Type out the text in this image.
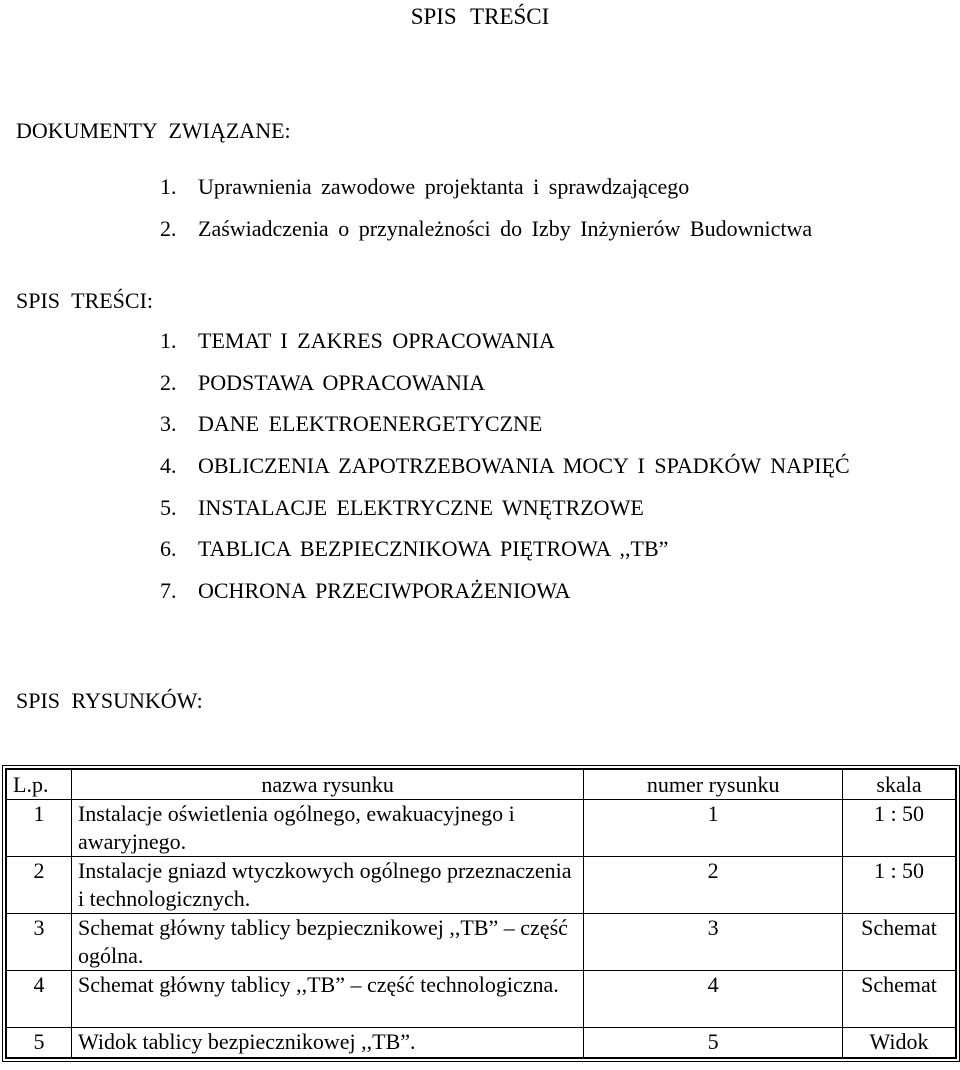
SPIS TREŚCI
DOKUMENTY ZWIĄZANE:
1. Uprawnienia zawodowe projektanta i sprawdzającego
2. Zaświadczenia o przynależności do Izby Inżynierów Budownictwa
SPIS TREŚCI:
1. TEMAT I ZAKRES OPRACOWANIA
2. PODSTAWA OPRACOWANIA
3. DANE ELEKTROENERGETYCZNE
4. OBLICZENIA ZAPOTRZEBOWANIA MOCY I SPADKÓW NAPIĘĆ
5. INSTALACJE ELEKTRYCZNE WNĘTRZOWE
6. TABLICA BEZPIECZNIKOWA PIĘTROWA ,,TB”
7. OCHRONA PRZECIWPORAŻENIOWA
SPIS RYSUNKÓW:
L.p.	nazwa rysunku	numer rysunku	skala
1	Instalacje oświetlenia ogólnego, ewakuacyjnego i awaryjnego.	1	1 : 50
2	Instalacje gniazd wtyczkowych ogólnego przeznaczenia i technologicznych.	2	1 : 50
3	Schemat główny tablicy bezpiecznikowej ,,TB” – część ogólna.	3	Schemat
4	Schemat główny tablicy ,,TB” – część technologiczna.	4	Schemat
5	Widok tablicy bezpiecznikowej ,,TB”.	5	Widok
